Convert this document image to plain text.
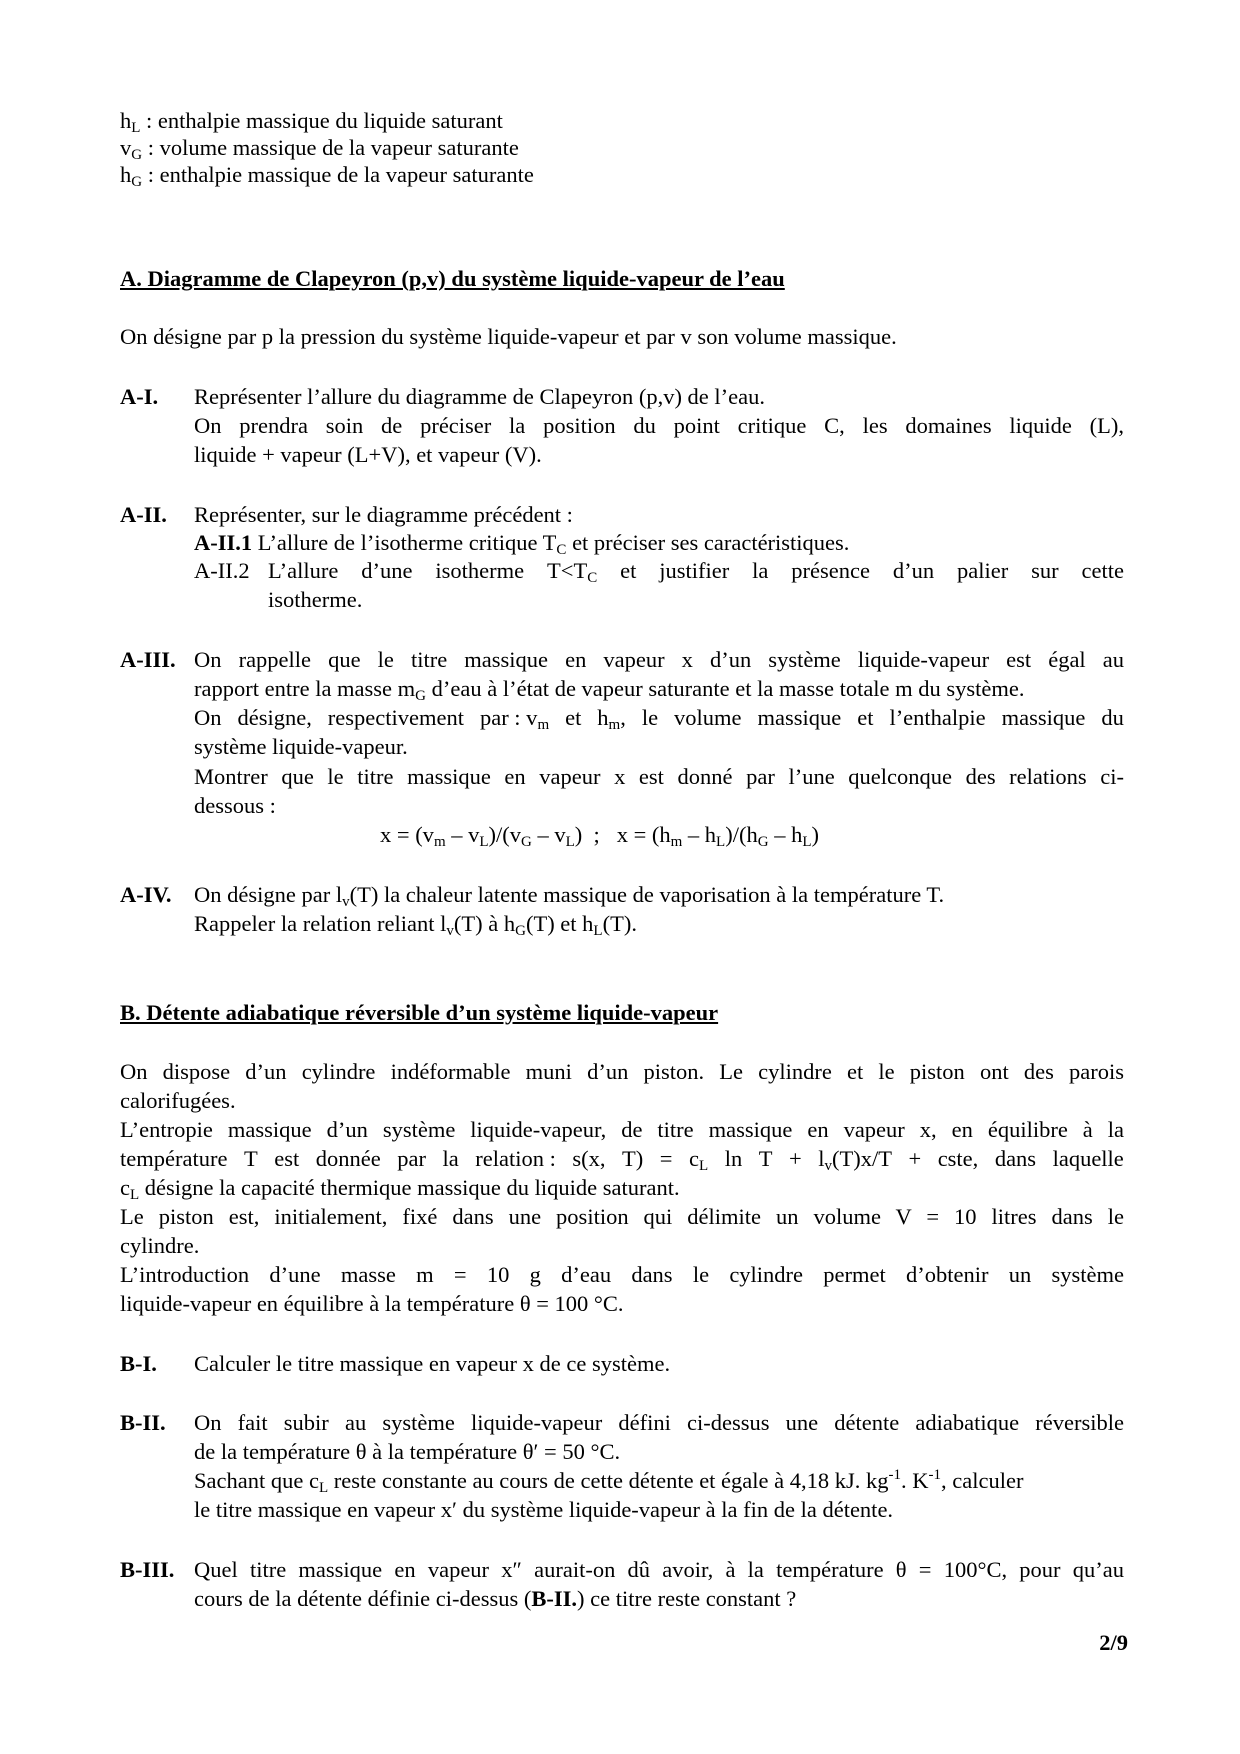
$h_L$ : enthalpie massique du liquide saturant
$v_G$ : volume massique de la vapeur saturante
$h_G$ : enthalpie massique de la vapeur saturante
A. Diagramme de Clapeyron (p,v) du système liquide-vapeur de l’eau
On désigne par p la pression du système liquide-vapeur et par v son volume massique.
A-I. Représenter l’allure du diagramme de Clapeyron (p,v) de l’eau.
On prendra soin de préciser la position du point critique C, les domaines liquide (L),
liquide + vapeur (L+V), et vapeur (V).
A-II. Représenter, sur le diagramme précédent :
A-II.1 L’allure de l’isotherme critique $T_C$ et préciser ses caractéristiques.
A-II.2 L’allure d’une isotherme $T<T_C$ et justifier la présence d’un palier sur cette
isotherme.
A-III. On rappelle que le titre massique en vapeur x d’un système liquide-vapeur est égal au
rapport entre la masse $m_G$ d’eau à l’état de vapeur saturante et la masse totale m du système.
On désigne, respectivement par : $v_m$ et $h_m$, le volume massique et l’enthalpie massique du
système liquide-vapeur.
Montrer que le titre massique en vapeur x est donné par l’une quelconque des relations ci-
dessous :
$x = (v_m - v_L)/(v_G - v_L)$ ; $x = (h_m - h_L)/(h_G - h_L)$
A-IV. On désigne par $l_v(T)$ la chaleur latente massique de vaporisation à la température T.
Rappeler la relation reliant $l_v(T)$ à $h_G(T)$ et $h_L(T)$.
B. Détente adiabatique réversible d’un système liquide-vapeur
On dispose d’un cylindre indéformable muni d’un piston. Le cylindre et le piston ont des parois
calorifugées.
L’entropie massique d’un système liquide-vapeur, de titre massique en vapeur x, en équilibre à la
température T est donnée par la relation : s(x, $T) = c_L$ $\ln T + l_v(T)x/T$ + cste, dans laquelle
$c_L$ désigne la capacité thermique massique du liquide saturant.
Le piston est, initialement, fixé dans une position qui délimite un volume V = 10 litres dans le
cylindre.
L’introduction d’une masse m = 10 g d’eau dans le cylindre permet d’obtenir un système
liquide-vapeur en équilibre à la température θ = 100 °C.
B-I. Calculer le titre massique en vapeur x de ce système.
B-II. On fait subir au système liquide-vapeur défini ci-dessus une détente adiabatique réversible
de la température θ à la température θ′ = 50 °C.
Sachant que $c_L$ reste constante au cours de cette détente et égale à 4,18 kJ. $kg^{-1}$. $K^{-1}$, calculer
le titre massique en vapeur x′ du système liquide-vapeur à la fin de la détente.
B-III. Quel titre massique en vapeur x″ aurait-on dû avoir, à la température θ = 100°C, pour qu’au
cours de la détente définie ci-dessus (B-II.) ce titre reste constant ?
2/9
